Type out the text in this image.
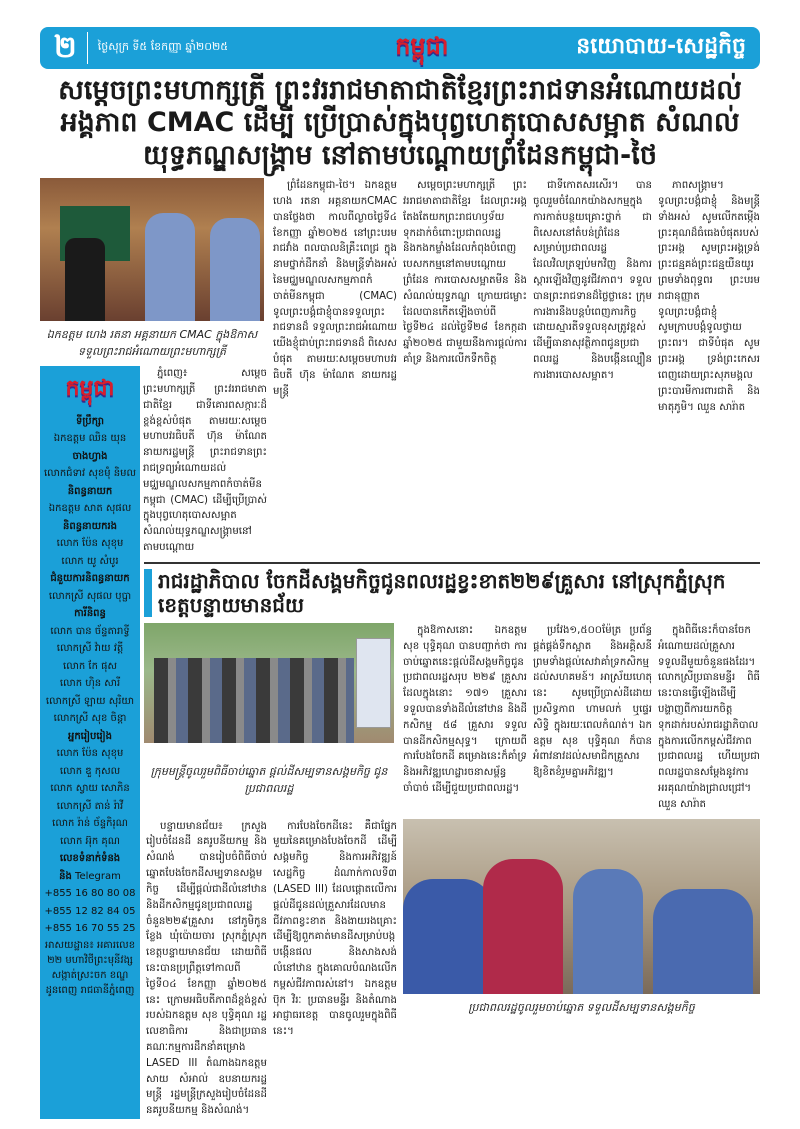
២ ថ្ងៃសុក្រ ទី៥ ខែកញ្ញា ឆ្នាំ២០២៥	កម្ពុជា	នយោបាយ-សេដ្ឋកិច្ច
សម្តេចព្រះមហាក្សត្រី ព្រះវររាជមាតាជាតិខ្មែរព្រះរាជទានអំណោយដល់ អង្គភាព CMAC ដើម្បី ប្រើប្រាស់ក្នុងបុព្វហេតុបោសសម្អាត សំណល់យុទ្ធភណ្ឌសង្គ្រាម នៅតាមបណ្តោយព្រំដែនកម្ពុជា-ថៃ
ឯកឧត្តម ហេង រតនា អគ្គនាយក CMAC ក្នុងឱកាសទទួលព្រះរាជអំណោយព្រះមហាក្សត្រី

ព្រំដែនកម្ពុជា-ថៃ។ ឯកឧត្តម ហេង រតនា អគ្គនាយកCMAC បានថ្លែងថា កាលពីល្ងាចថ្ងៃទី៤ ខែកញ្ញា ឆ្នាំ២០២៥ នៅព្រះបរមរាជវាំង ពលបាលនិគ្រឹះពេជ្រ ក្នុងនាមថ្នាក់ដឹកនាំ និងមន្ត្រីទាំងអស់នៃមជ្ឈមណ្ឌលសកម្មភាពកំចាត់មីនកម្ពុជា (CMAC) ទូលព្រះបង្គំជាខ្ញុំបានទទួលព្រះរាជទានដ៏ ទទួលព្រះរាជអំណោយ យើងខ្ញុំជាប់ព្រះរាជទានដ៏ ពិសេសបំផុត តាមរយៈសម្តេចមហាបវរធិបតី ហ៊ុន ម៉ាណែត នាយករដ្ឋមន្ត្រី

សម្តេចព្រះមហាក្សត្រី ព្រះវររាជមាតាជាតិខ្មែរ ដែលព្រះអង្គតែងតែយកព្រះរាជហឫទ័យទុកដាក់ចំពោះប្រជាពលរដ្ឋ និងកងកម្លាំងដែលកំពុងបំពេញបេសកកម្មនៅតាមបណ្តោយព្រំដែន ការបោសសម្អាតមីន និងសំណល់យុទ្ធភណ្ឌ ក្រោយជម្លោះ ដែលបានកើតឡើងចាប់ពីថ្ងៃទី២៤ ដល់ថ្ងៃទី២៨ ខែកក្កដា ឆ្នាំ២០២៥ ជាមួយនឹងការផ្តល់ការគាំទ្រ និងការលើកទឹកចិត្ត

ជាទីកោតសរសើរ។ បានចូលរួមចំណែកយ៉ាងសកម្មក្នុងការកាត់បន្ថយគ្រោះថ្នាក់ ជាពិសេសនៅតំបន់ព្រំដែន សម្រាប់ប្រជាពលរដ្ឋដែលវិលត្រឡប់មកវិញ និងការស្តារឡើងវិញនូវជីវភាព។ ទទួលបានព្រះរាជទានដ៏ថ្លៃថ្លានេះ ក្រុមការងារនឹងបន្តបំពេញភារកិច្ចដោយស្មារតីទទួលខុសត្រូវខ្ពស់ ដើម្បីធានាសុវត្ថិភាពជូនប្រជាពលរដ្ឋ និងបង្កើនល្បឿនការងារបោសសម្អាត។

ភាពសង្គ្រាម។ ទូលព្រះបង្គំជាខ្ញុំ និងមន្ត្រីទាំងអស់ សូមលើកតម្កើងព្រះគុណដ៏ធំធេងបំផុតរបស់ព្រះអង្គ សូមព្រះអង្គទ្រង់ព្រះជន្មគង់ព្រះជន្មយឺនយូរ ព្រមទាំងពុទ្ធពរ ព្រះបរមរាជានុញ្ញាត ទូលព្រះបង្គំជាខ្ញុំ សូមក្រាបបង្គំទូលថ្វាយព្រះពរ។ ជាទីបំផុត សូមព្រះអង្គ ទ្រង់ព្រះកេសរពេញដោយព្រះសុភមង្គល ព្រះបារមីការពារជាតិ និងមាតុភូមិ។ ឈួន សារ៉ាត

កម្ពុជា
ទីប្រឹក្សា
ឯកឧត្តម ឈិន យុន
ចាងហ្វាង
លោកជំទាវ សុខម៉ុំ និមល
និពន្ធនាយក
ឯកឧត្តម សាត សុផល
និពន្ធនាយករង
លោក ប៉ែន សុខុម
លោក យូ សំបូរ
ជំនួយការនិពន្ធនាយក
លោកស្រី សុផល បុប្ផា
ការីនិពន្ធ
លោក បាន ច័ន្ទតារាទ្វី
លោកស្រី វ៉ាយ វត្តី
លោក កែ ផុស
លោក ហ៊ិន សារី
លោកស្រី ឡាយ សុរិយា
លោកស្រី សុខ ចិន្តា
អ្នករៀបរៀង
លោក ប៉ែន សុខុម
លោក ឌួ កុសល
លោក ស្វាយ សោភិន
លោកស្រី តាន់ រ៉ាវី
លោក រ៉ាន់ ច័ន្ទកិរុណ
លោក អ៊ុក គុណ
លេខទំនាក់ទំនង
និង Telegram
+855 16 80 80 08
+855 12 82 84 05
+855 16 70 55 25
អាសយដ្ឋាន៖ អគារលេខ ២២ មហាវិថីព្រះមុនីវង្ស សង្កាត់ស្រះចក ខណ្ឌដូនពេញ រាជធានីភ្នំពេញ

ភ្នំពេញ៖ សម្តេចព្រះមហាក្សត្រី ព្រះវររាជមាតាជាតិខ្មែរ ជាទីគោរពសក្ការៈដ៏ខ្ពង់ខ្ពស់បំផុត តាមរយៈសម្តេចមហាបវរធិបតី ហ៊ុន ម៉ាណែត នាយករដ្ឋមន្ត្រី ព្រះរាជទានព្រះរាជទ្រព្យអំណោយដល់មជ្ឈមណ្ឌលសកម្មភាពកំចាត់មីនកម្ពុជា (CMAC) ដើម្បីប្រើប្រាស់ក្នុងបុព្វហេតុបោសសម្អាតសំណល់យុទ្ធភណ្ឌសង្គ្រាមនៅតាមបណ្តោយ

រាជរដ្ឋាភិបាល ចែកដីសង្គមកិច្ចជូនពលរដ្ឋខ្វះខាត២២៩គ្រួសារ នៅស្រុកភ្នំស្រុក ខេត្តបន្ទាយមានជ័យ
ក្រុមមន្ត្រីចូលរួមពិធីចាប់ឆ្នោត ផ្តល់ដីសម្បទានសង្គមកិច្ច ជូនប្រជាពលរដ្ឋ

ក្នុងឱកាសនោះ ឯកឧត្តម សុខ បុទ្ធិគុណ បានបញ្ជាក់ថា ការចាប់ឆ្នោតនេះផ្តល់ដីសង្គមកិច្ចជូនប្រជាពលរដ្ឋសរុប ២២៩ គ្រួសារ ដែលក្នុងនោះ ១៧១ គ្រួសារ ទទួលបានទាំងដីលំនៅឋាន និងដីកសិកម្ម ៥៨ គ្រួសារ ទទួលបានដីកសិកម្មសុទ្ធ។ ក្រោយពីការបែងចែកដី គម្រោងនេះក៏គាំទ្រ និងអភិវឌ្ឍហេដ្ឋារចនាសម្ព័ន្ធចាំបាច់ ដើម្បីជួយប្រជាពលរដ្ឋ។

ប្រវែង១,៥០០ម៉ែត្រ ប្រព័ន្ធផ្គត់ផ្គង់ទឹកស្អាត និងអគ្គិសនី ព្រមទាំងផ្តល់សេវាគាំទ្រកសិកម្មដល់សហគមន៍។ អាស្រ័យហេតុនេះ សូមប្រើប្រាស់ដីដោយប្រសិទ្ធភាព ហាមលក់ ឬផ្ទេរសិទ្ធិ ក្នុងរយៈពេលកំណត់។ ឯកឧត្តម សុខ បុទ្ធិគុណ ក៏បានអំពាវនាវដល់សមាជិកគ្រួសារ ឱ្យខិតខំរួមគ្នាអភិវឌ្ឍ។

ក្នុងពិធីនេះក៏បានចែកអំណោយដល់គ្រួសារទទួលដីមួយចំនួនផងដែរ។ លោកស្រីប្រធានមន្ទីរ ពិធីនេះបានធ្វើឡើងដើម្បីបង្ហាញពីការយកចិត្តទុកដាក់របស់រាជរដ្ឋាភិបាល ក្នុងការលើកកម្ពស់ជីវភាពប្រជាពលរដ្ឋ ហើយប្រជាពលរដ្ឋបានសម្តែងនូវការអរគុណយ៉ាងជ្រាលជ្រៅ។ ឈួន សារ៉ាត

បន្ទាយមានជ័យ៖ ក្រសួងរៀបចំដែនដី នគរូបនីយកម្ម និងសំណង់ បានរៀបចំពិធីចាប់ឆ្នោតបែងចែកដីសម្បទានសង្គមកិច្ច ដើម្បីផ្តល់ជាដីលំនៅឋាន និងដីកសិកម្មជូនប្រជាពលរដ្ឋចំនួន២២៩គ្រួសារ នៅភូមិកូនខ្លែង ឃុំប៉ោយចារ ស្រុកភ្នំស្រុក ខេត្តបន្ទាយមានជ័យ ដោយពិធីនេះបានប្រព្រឹត្តទៅកាលពីថ្ងៃទី០៤ ខែកញ្ញា ឆ្នាំ២០២៥ នេះ ក្រោមអធិបតីភាពដ៏ខ្ពង់ខ្ពស់របស់ឯកឧត្តម សុខ បុទ្ធិគុណ រដ្ឋលេខាធិការ និងជាប្រធានគណៈកម្មការដឹកនាំគម្រោង LASED III តំណាងឯកឧត្តម សាយ សំអាល់ ឧបនាយករដ្ឋមន្ត្រី រដ្ឋមន្ត្រីក្រសួងរៀបចំដែនដី នគរូបនីយកម្ម និងសំណង់។

ការបែងចែកដីនេះ គឺជាផ្នែកមួយនៃគម្រោងបែងចែកដី ដើម្បីសង្គមកិច្ច និងការអភិវឌ្ឍន៍សេដ្ឋកិច្ច ដំណាក់កាលទី៣ (LASED III) ដែលផ្តោតលើការផ្តល់ដីជូនដល់គ្រួសារដែលមានជីវភាពខ្វះខាត និងងាយរងគ្រោះ ដើម្បីឱ្យពួកគាត់មានដីសម្រាប់បង្កបង្កើនផល និងសាងសង់លំនៅឋាន ក្នុងគោលបំណងលើកកម្ពស់ជីវភាពរស់នៅ។ ឯកឧត្តម ប៊ុក វិរៈ ប្រធានមន្ទីរ និងតំណាងអាជ្ញាធរខេត្ត បានចូលរួមក្នុងពិធីនេះ។

ប្រជាពលរដ្ឋចូលរួមចាប់ឆ្នោត ទទួលដីសម្បទានសង្គមកិច្ច
